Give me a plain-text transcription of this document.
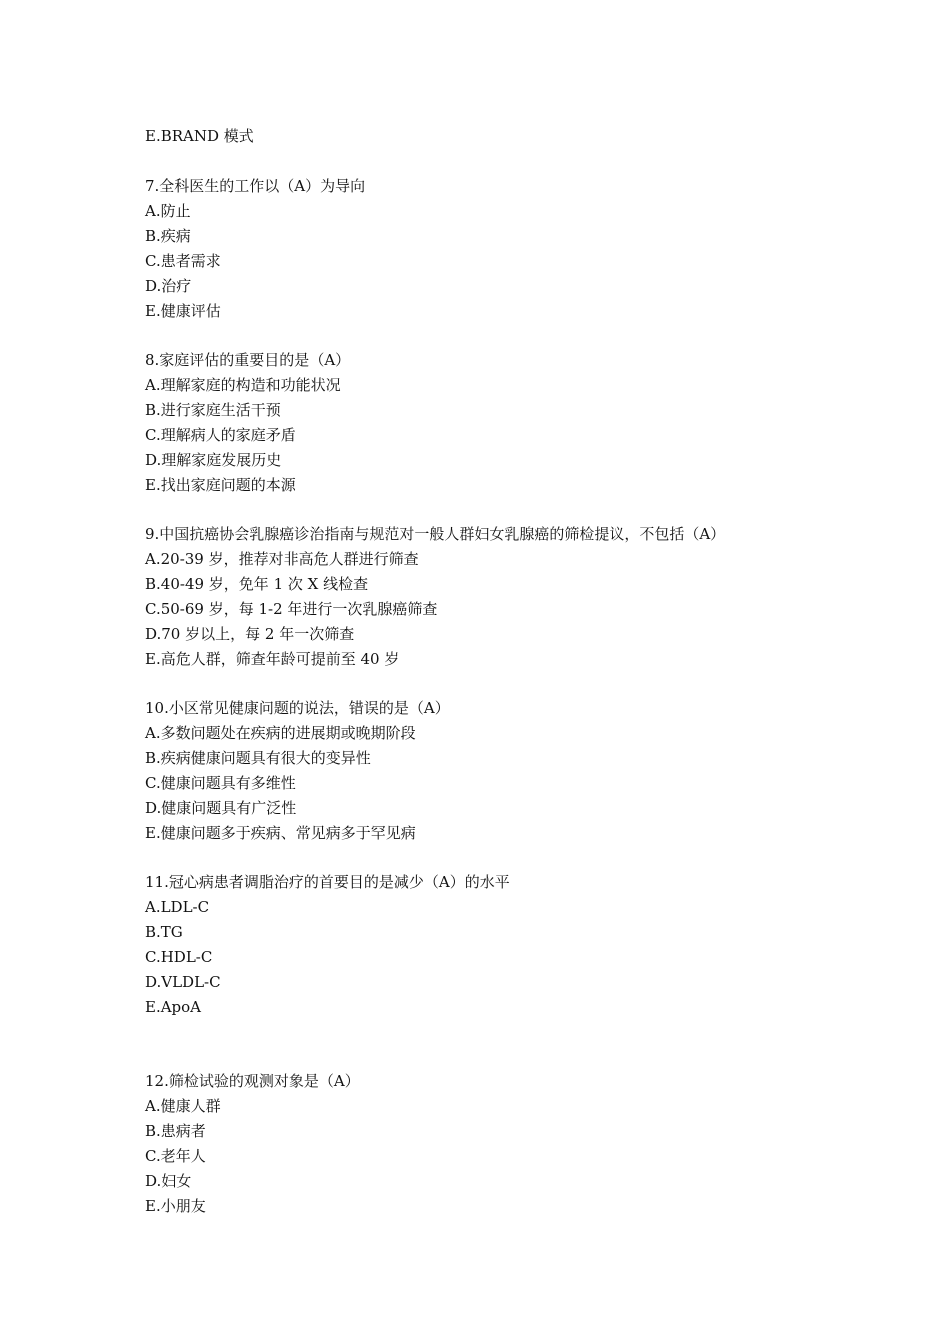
E.BRAND 模式

7.全科医生的工作以（A）为导向

A.防止

B.疾病

C.患者需求

D.治疗

E.健康评估

8.家庭评估的重要目的是（A）

A.理解家庭的构造和功能状况

B.进行家庭生活干预

C.理解病人的家庭矛盾

D.理解家庭发展历史

E.找出家庭问题的本源

9.中国抗癌协会乳腺癌诊治指南与规范对一般人群妇女乳腺癌的筛检提议，不包括（A）

A.20-39 岁，推荐对非高危人群进行筛查

B.40-49 岁，免年 1 次 X 线检查

C.50-69 岁，每 1-2 年进行一次乳腺癌筛查

D.70 岁以上，每 2 年一次筛查

E.高危人群，筛查年龄可提前至 40 岁

10.小区常见健康问题的说法，错误的是（A）

A.多数问题处在疾病的进展期或晚期阶段

B.疾病健康问题具有很大的变异性

C.健康问题具有多维性

D.健康问题具有广泛性

E.健康问题多于疾病、常见病多于罕见病

11.冠心病患者调脂治疗的首要目的是减少（A）的水平

A.LDL-C

B.TG

C.HDL-C

D.VLDL-C

E.ApoA

12.筛检试验的观测对象是（A）

A.健康人群

B.患病者

C.老年人

D.妇女

E.小朋友
